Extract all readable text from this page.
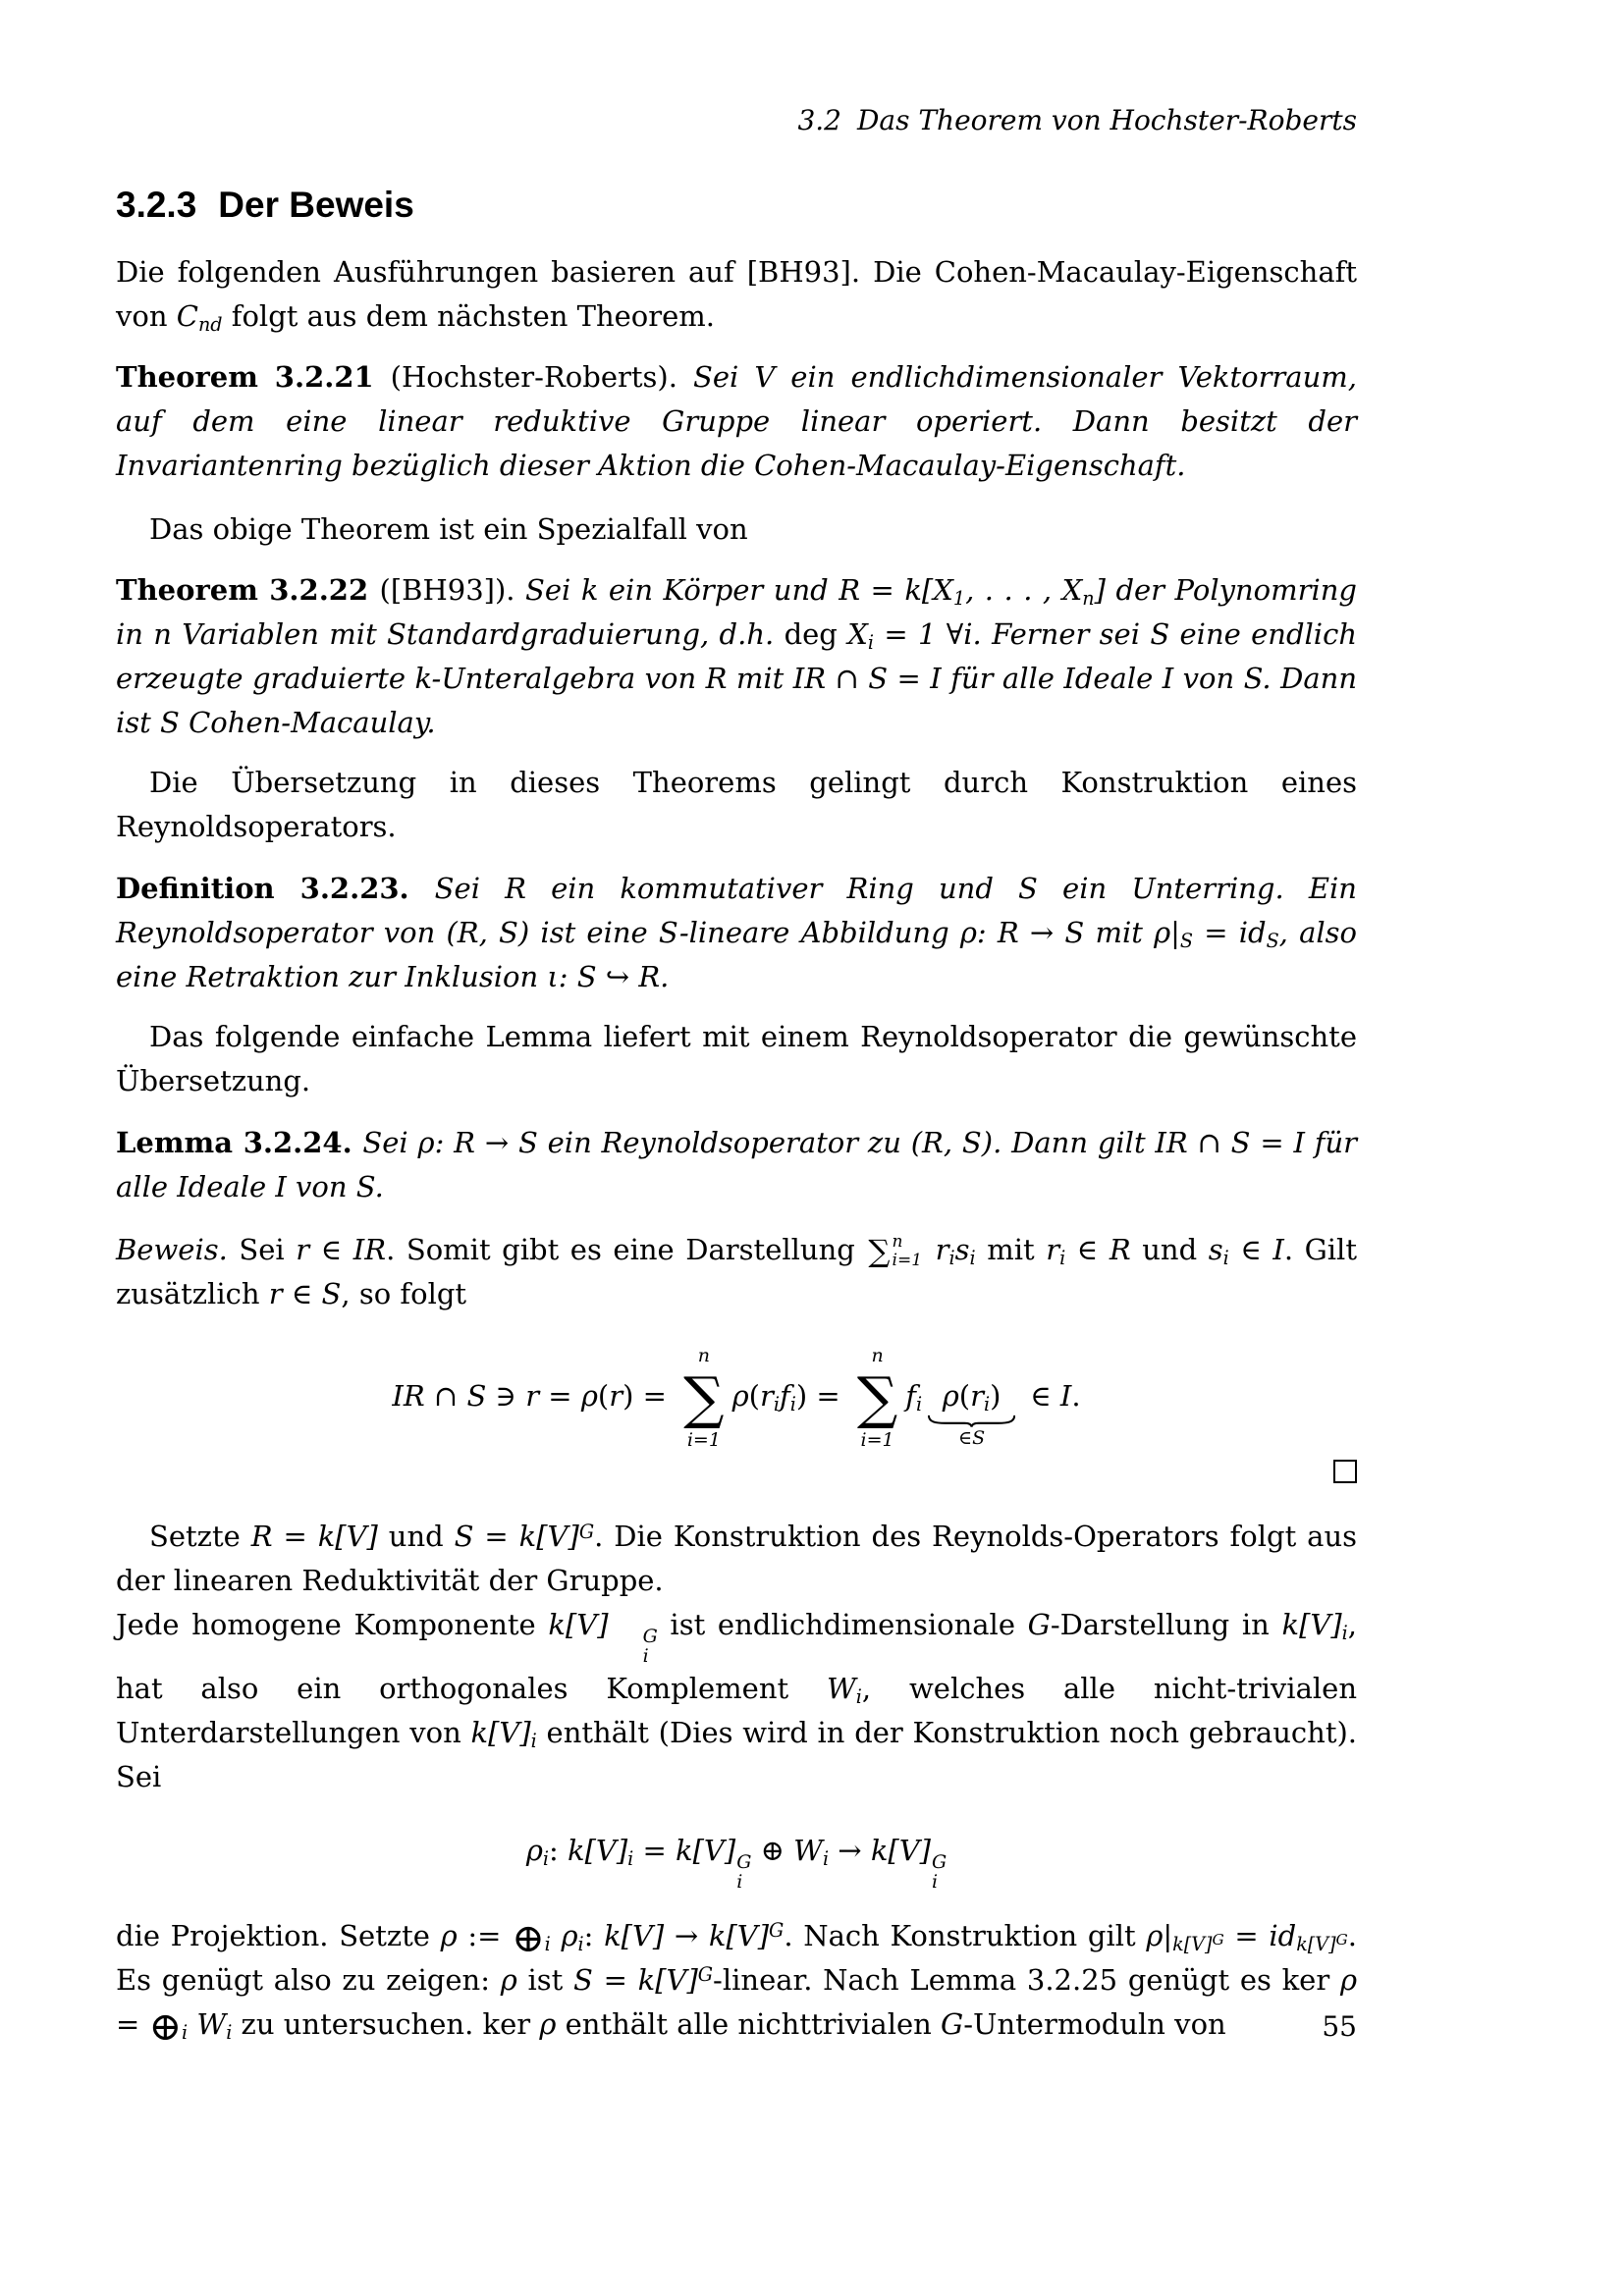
3.2 Das Theorem von Hochster-Roberts
3.2.3 Der Beweis

Die folgenden Ausführungen basieren auf [BH93]. Die Cohen-Macaulay-Eigenschaft von $C_{nd}$ folgt aus dem nächsten Theorem.

Theorem 3.2.21 (Hochster-Roberts). Sei V ein endlichdimensionaler Vektorraum, auf dem eine linear reduktive Gruppe linear operiert. Dann besitzt der Invariantenring bezüglich dieser Aktion die Cohen-Macaulay-Eigenschaft.

Das obige Theorem ist ein Spezialfall von

Theorem 3.2.22 ([BH93]). Sei k ein Körper und $R = k[X_1$, . . . , $X_n$] der Polynomring in n Variablen mit Standardgraduierung, d.h. deg $X_i = 1$ ∀i. Ferner sei S eine endlich erzeugte graduierte k-Unteralgebra von R mit IR ∩ S = I für alle Ideale I von S. Dann ist S Cohen-Macaulay.

Die Übersetzung in dieses Theorems gelingt durch Konstruktion eines Reynoldsoperators.

Definition 3.2.23. Sei R ein kommutativer Ring und S ein Unterring. Ein Reynoldsoperator von (R, S) ist eine S-lineare Abbildung ρ: R → S mit $\rho|_S = id_S$, also eine Retraktion zur Inklusion ι: S ↪ R.

Das folgende einfache Lemma liefert mit einem Reynoldsoperator die gewünschte Übersetzung.

Lemma 3.2.24. Sei ρ: R → S ein Reynoldsoperator zu (R, S). Dann gilt IR ∩ S = I für alle Ideale I von S.

Beweis. Sei r ∈ IR. Somit gibt es eine Darstellung ∑ n
i=1 $r_is_i$ mit $r_i$ ∈ R und $s_i$ ∈ I. Gilt zusätzlich r ∈ S, so folgt

IR ∩ S ∋ r = ρ(r) =
n
∑
i=1
$\rho(r_if_i)$ =
n
∑
i=1
$f_i$ $\rho(r_i)$
∈S
∈ I.

Setzte R = k[V] und $S = k[V]^G$. Die Konstruktion des Reynolds-Operators folgt aus der linearen Reduktivität der Gruppe.
Jede homogene Komponente k[V]	G
i
ist endlichdimensionale G-Darstellung in $k[V]_i$, hat also ein orthogonales Komplement $W_i$, welches alle nicht-trivialen Unterdarstellungen von $k[V]_i$ enthält (Dies wird in der Konstruktion noch gebraucht). Sei

$\rho_i$: $k[V]_i = k[V]$ G
i
⊕ $W_i \to k[V]$ G
i

die Projektion. Setzte ρ := $\oplus_i$ $\rho_i$: $k[V] \to k[V]^G$. Nach Konstruktion gilt $\rho|_{k[V]^G} = id_{k[V]^G}$. Es genügt also zu zeigen: ρ ist $S = k[V]^G$-linear. Nach Lemma 3.2.25 genügt es ker $\rho = \oplus_i$ $W_i$ zu untersuchen. ker ρ enthält alle nichttrivialen G-Untermoduln von	55
